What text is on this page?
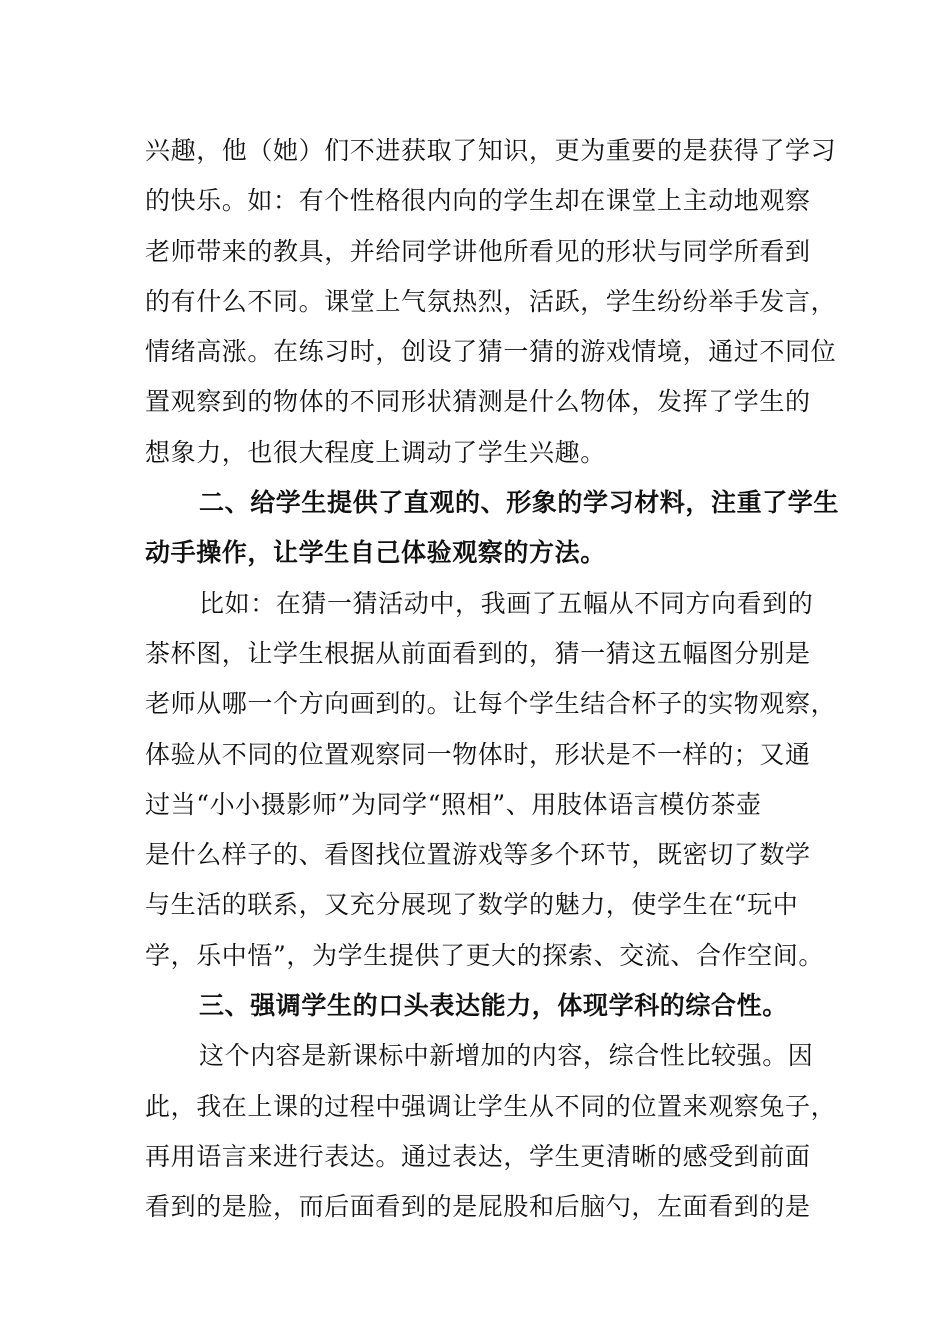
兴趣，他（她）们不进获取了知识，更为重要的是获得了学习
的快乐。如：有个性格很内向的学生却在课堂上主动地观察
老师带来的教具，并给同学讲他所看见的形状与同学所看到
的有什么不同。课堂上气氛热烈，活跃，学生纷纷举手发言，
情绪高涨。在练习时，创设了猜一猜的游戏情境，通过不同位
置观察到的物体的不同形状猜测是什么物体，发挥了学生的
想象力，也很大程度上调动了学生兴趣。
二、给学生提供了直观的、形象的学习材料，注重了学生
动手操作，让学生自己体验观察的方法。
比如：在猜一猜活动中，我画了五幅从不同方向看到的
茶杯图，让学生根据从前面看到的，猜一猜这五幅图分别是
老师从哪一个方向画到的。让每个学生结合杯子的实物观察，
体验从不同的位置观察同一物体时，形状是不一样的；又通
过当“小小摄影师”为同学“照相”、用肢体语言模仿茶壶
是什么样子的、看图找位置游戏等多个环节，既密切了数学
与生活的联系，又充分展现了数学的魅力，使学生在“玩中
学，乐中悟”，为学生提供了更大的探索、交流、合作空间。
三、强调学生的口头表达能力，体现学科的综合性。
这个内容是新课标中新增加的内容，综合性比较强。因
此，我在上课的过程中强调让学生从不同的位置来观察兔子，
再用语言来进行表达。通过表达，学生更清晰的感受到前面
看到的是脸，而后面看到的是屁股和后脑勺，左面看到的是
